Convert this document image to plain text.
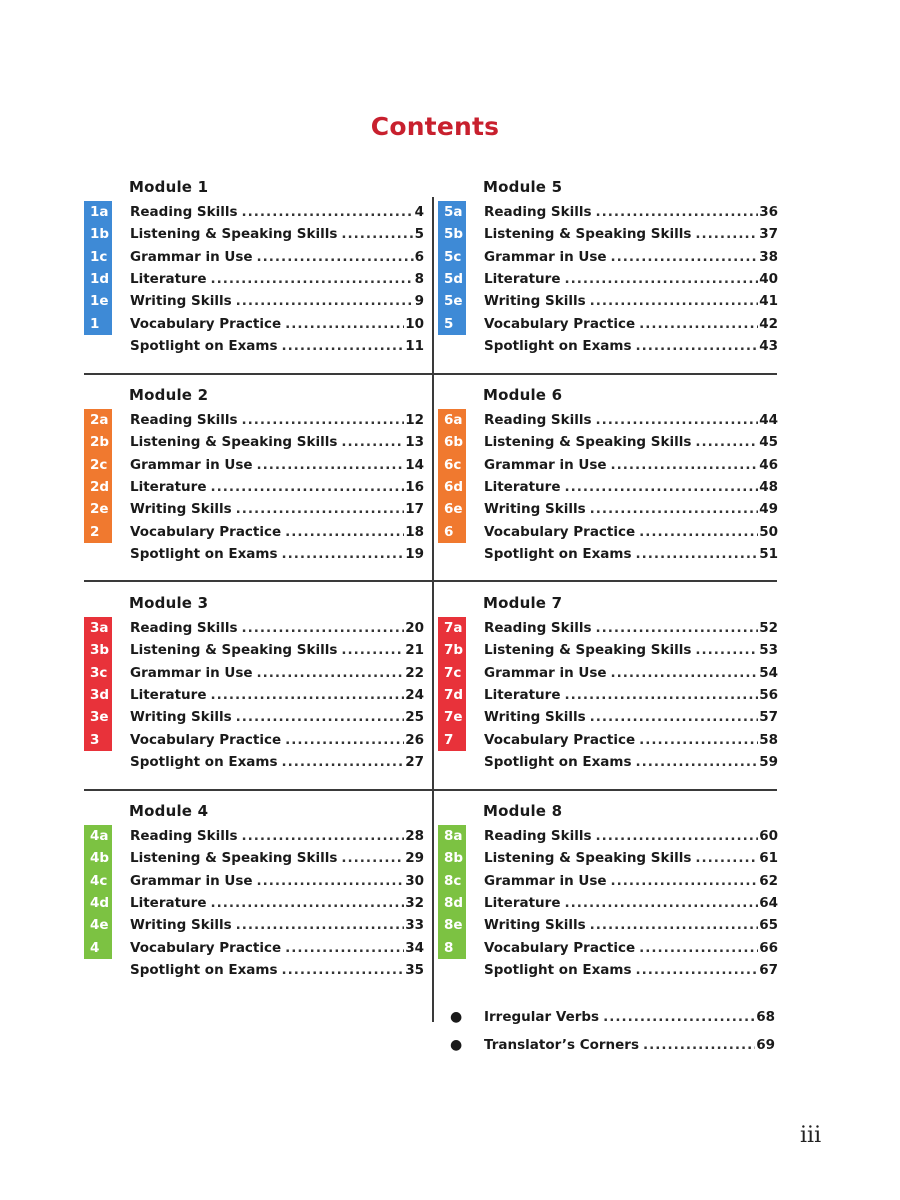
Contents
Module 1
1a Reading Skills .....	4
1b Listening & Speaking Skills .....	5
1c	Grammar in Use .....	6
1d Literature .....	8
1e Writing Skills .....	9
1	Vocabulary Practice .....	10
Spotlight on Exams .....	11
Module 5
5a Reading Skills .....	36
5b Listening & Speaking Skills .....	37
5c	Grammar in Use .....	38
5d Literature .....	40
5e Writing Skills .....	41
5	Vocabulary Practice .....	42
Spotlight on Exams .....	43
Module 2
2a Reading Skills .....	12
2b Listening & Speaking Skills .....	13
2c	Grammar in Use .....	14
2d Literature .....	16
2e Writing Skills .....	17
2	Vocabulary Practice .....	18
Spotlight on Exams .....	19
Module 6
6a Reading Skills .....	44
6b Listening & Speaking Skills .....	45
6c	Grammar in Use .....	46
6d Literature .....	48
6e Writing Skills .....	49
6	Vocabulary Practice .....	50
Spotlight on Exams .....	51
Module 3
3a Reading Skills .....	20
3b Listening & Speaking Skills .....	21
3c	Grammar in Use .....	22
3d Literature .....	24
3e Writing Skills .....	25
3	Vocabulary Practice .....	26
Spotlight on Exams .....	27
Module 7
7a Reading Skills .....	52
7b Listening & Speaking Skills .....	53
7c	Grammar in Use .....	54
7d Literature .....	56
7e Writing Skills .....	57
7	Vocabulary Practice .....	58
Spotlight on Exams .....	59
Module 4
4a Reading Skills .....	28
4b Listening & Speaking Skills .....	29
4c	Grammar in Use .....	30
4d Literature .....	32
4e Writing Skills .....	33
4	Vocabulary Practice .....	34
Spotlight on Exams .....	35
Module 8
8a Reading Skills .....	60
8b Listening & Speaking Skills .....	61
8c	Grammar in Use .....	62
8d Literature .....	64
8e Writing Skills .....	65
8	Vocabulary Practice .....	66
Spotlight on Exams .....	67
●	Irregular Verbs .....	68
●	Translator’s Corners .....	69
iii
